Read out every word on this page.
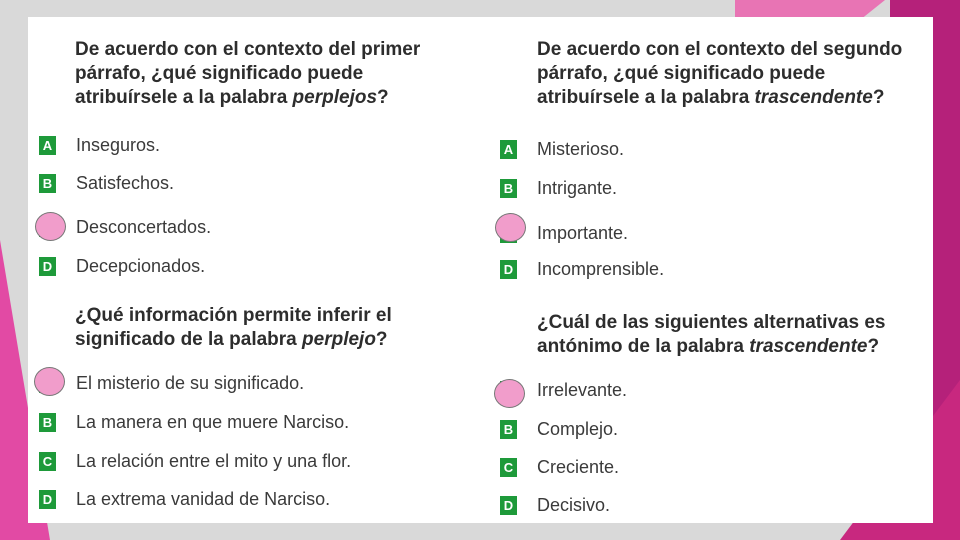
De acuerdo con el contexto del primer párrafo, ¿qué significado puede atribuírsele a la palabra perplejos?
A Inseguros.
B Satisfechos.
Desconcertados.
D Decepcionados.
De acuerdo con el contexto del segundo párrafo, ¿qué significado puede atribuírsele a la palabra trascendente?
A Misterioso.
B Intrigante.
Importante.
D Incomprensible.
¿Qué información permite inferir el significado de la palabra perplejo?
El misterio de su significado.
B La manera en que muere Narciso.
C La relación entre el mito y una flor.
D La extrema vanidad de Narciso.
¿Cuál de las siguientes alternativas es antónimo de la palabra trascendente?
Irrelevante.
B Complejo.
C Creciente.
D Decisivo.
